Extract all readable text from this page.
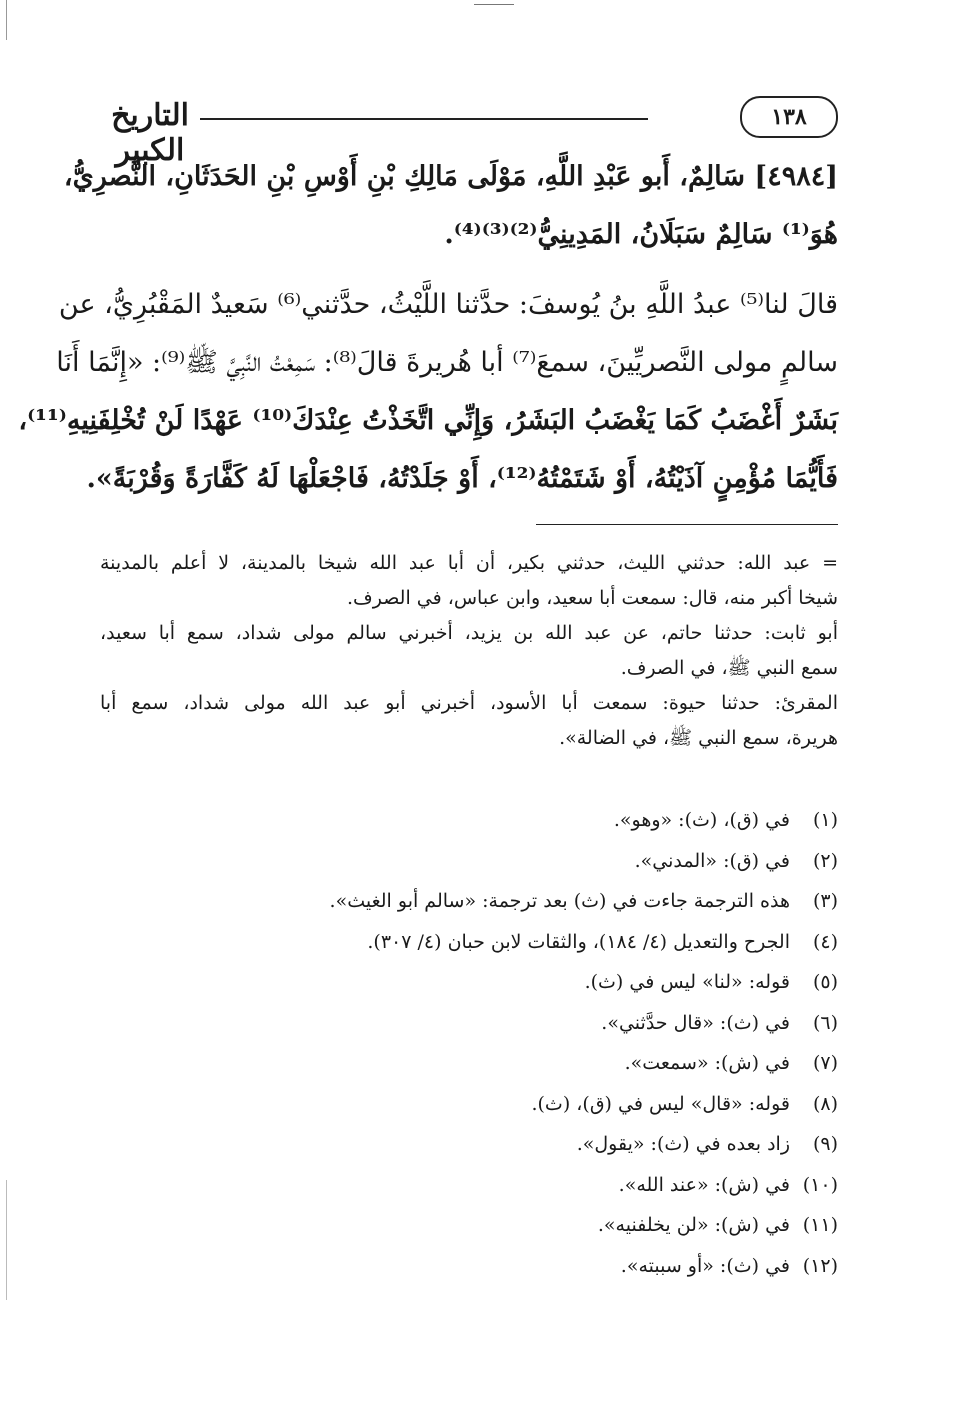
التاريخ الكبير
١٣٨
[٤٩٨٤] سَالِمٌ، أَبو عَبْدِ اللَّهِ، مَوْلَى مَالِكِ بْنِ أَوْسِ بْنِ الحَدَثَانِ، النَّصرِيُّ،
هُوَ⁽¹⁾ سَالِمٌ سَبَلَانُ، المَدِينِيُّ⁽²⁾⁽³⁾⁽⁴⁾.
قالَ لنا⁽⁵⁾ عبدُ اللَّهِ بنُ يُوسفَ: حدَّثنا اللَّيْثُ، حدَّثني⁽⁶⁾ سَعيدٌ المَقْبُرِيُّ، عن
سالمٍ مولى النَّصريِّينَ، سمعَ⁽⁷⁾ أبا هُريرةَ قالَ⁽⁸⁾: سَمِعْتُ النَّبِيَّ ﷺ⁽⁹⁾: «إِنَّمَا أَنَا
بَشَرٌ أَغْضَبُ كَمَا يَغْضَبُ البَشَرُ، وَإِنِّي اتَّخَذْتُ عِنْدَكَ⁽¹⁰⁾ عَهْدًا لَنْ تُخْلِفَنِيهِ⁽¹¹⁾،
فَأَيُّمَا مُؤْمِنٍ آذَيْتُهُ، أَوْ شَتَمْتُهُ⁽¹²⁾، أَوْ جَلَدْتُهُ، فَاجْعَلْهَا لَهُ كَفَّارَةً وَقُرْبَةً».
= عبد الله: حدثني الليث، حدثني بكير، أن أبا عبد الله شيخا بالمدينة، لا أعلم بالمدينة
شيخا أكبر منه، قال: سمعت أبا سعيد، وابن عباس، في الصرف.
أبو ثابت: حدثنا حاتم، عن عبد الله بن يزيد، أخبرني سالم مولى شداد، سمع أبا سعيد،
سمع النبي ﷺ، في الصرف.
المقرئ: حدثنا حيوة: سمعت أبا الأسود، أخبرني أبو عبد الله مولى شداد، سمع أبا
هريرة، سمع النبي ﷺ، في الضالة».
(١)
في (ق)، (ث): «وهو».
(٢)
في (ق): «المدني».
(٣)
هذه الترجمة جاءت في (ث) بعد ترجمة: «سالم أبو الغيث».
(٤)
الجرح والتعديل (٤/ ١٨٤)، والثقات لابن حبان (٤/ ٣٠٧).
(٥)
قوله: «لنا» ليس في (ث).
(٦)
في (ث): «قال حدَّثني».
(٧)
في (ش): «سمعت».
(٨)
قوله: «قال» ليس في (ق)، (ث).
(٩)
زاد بعده في (ث): «يقول».
(١٠)
في (ش): «عند الله».
(١١)
في (ش): «لن يخلفنيه».
(١٢)
في (ث): «أو سببته».
